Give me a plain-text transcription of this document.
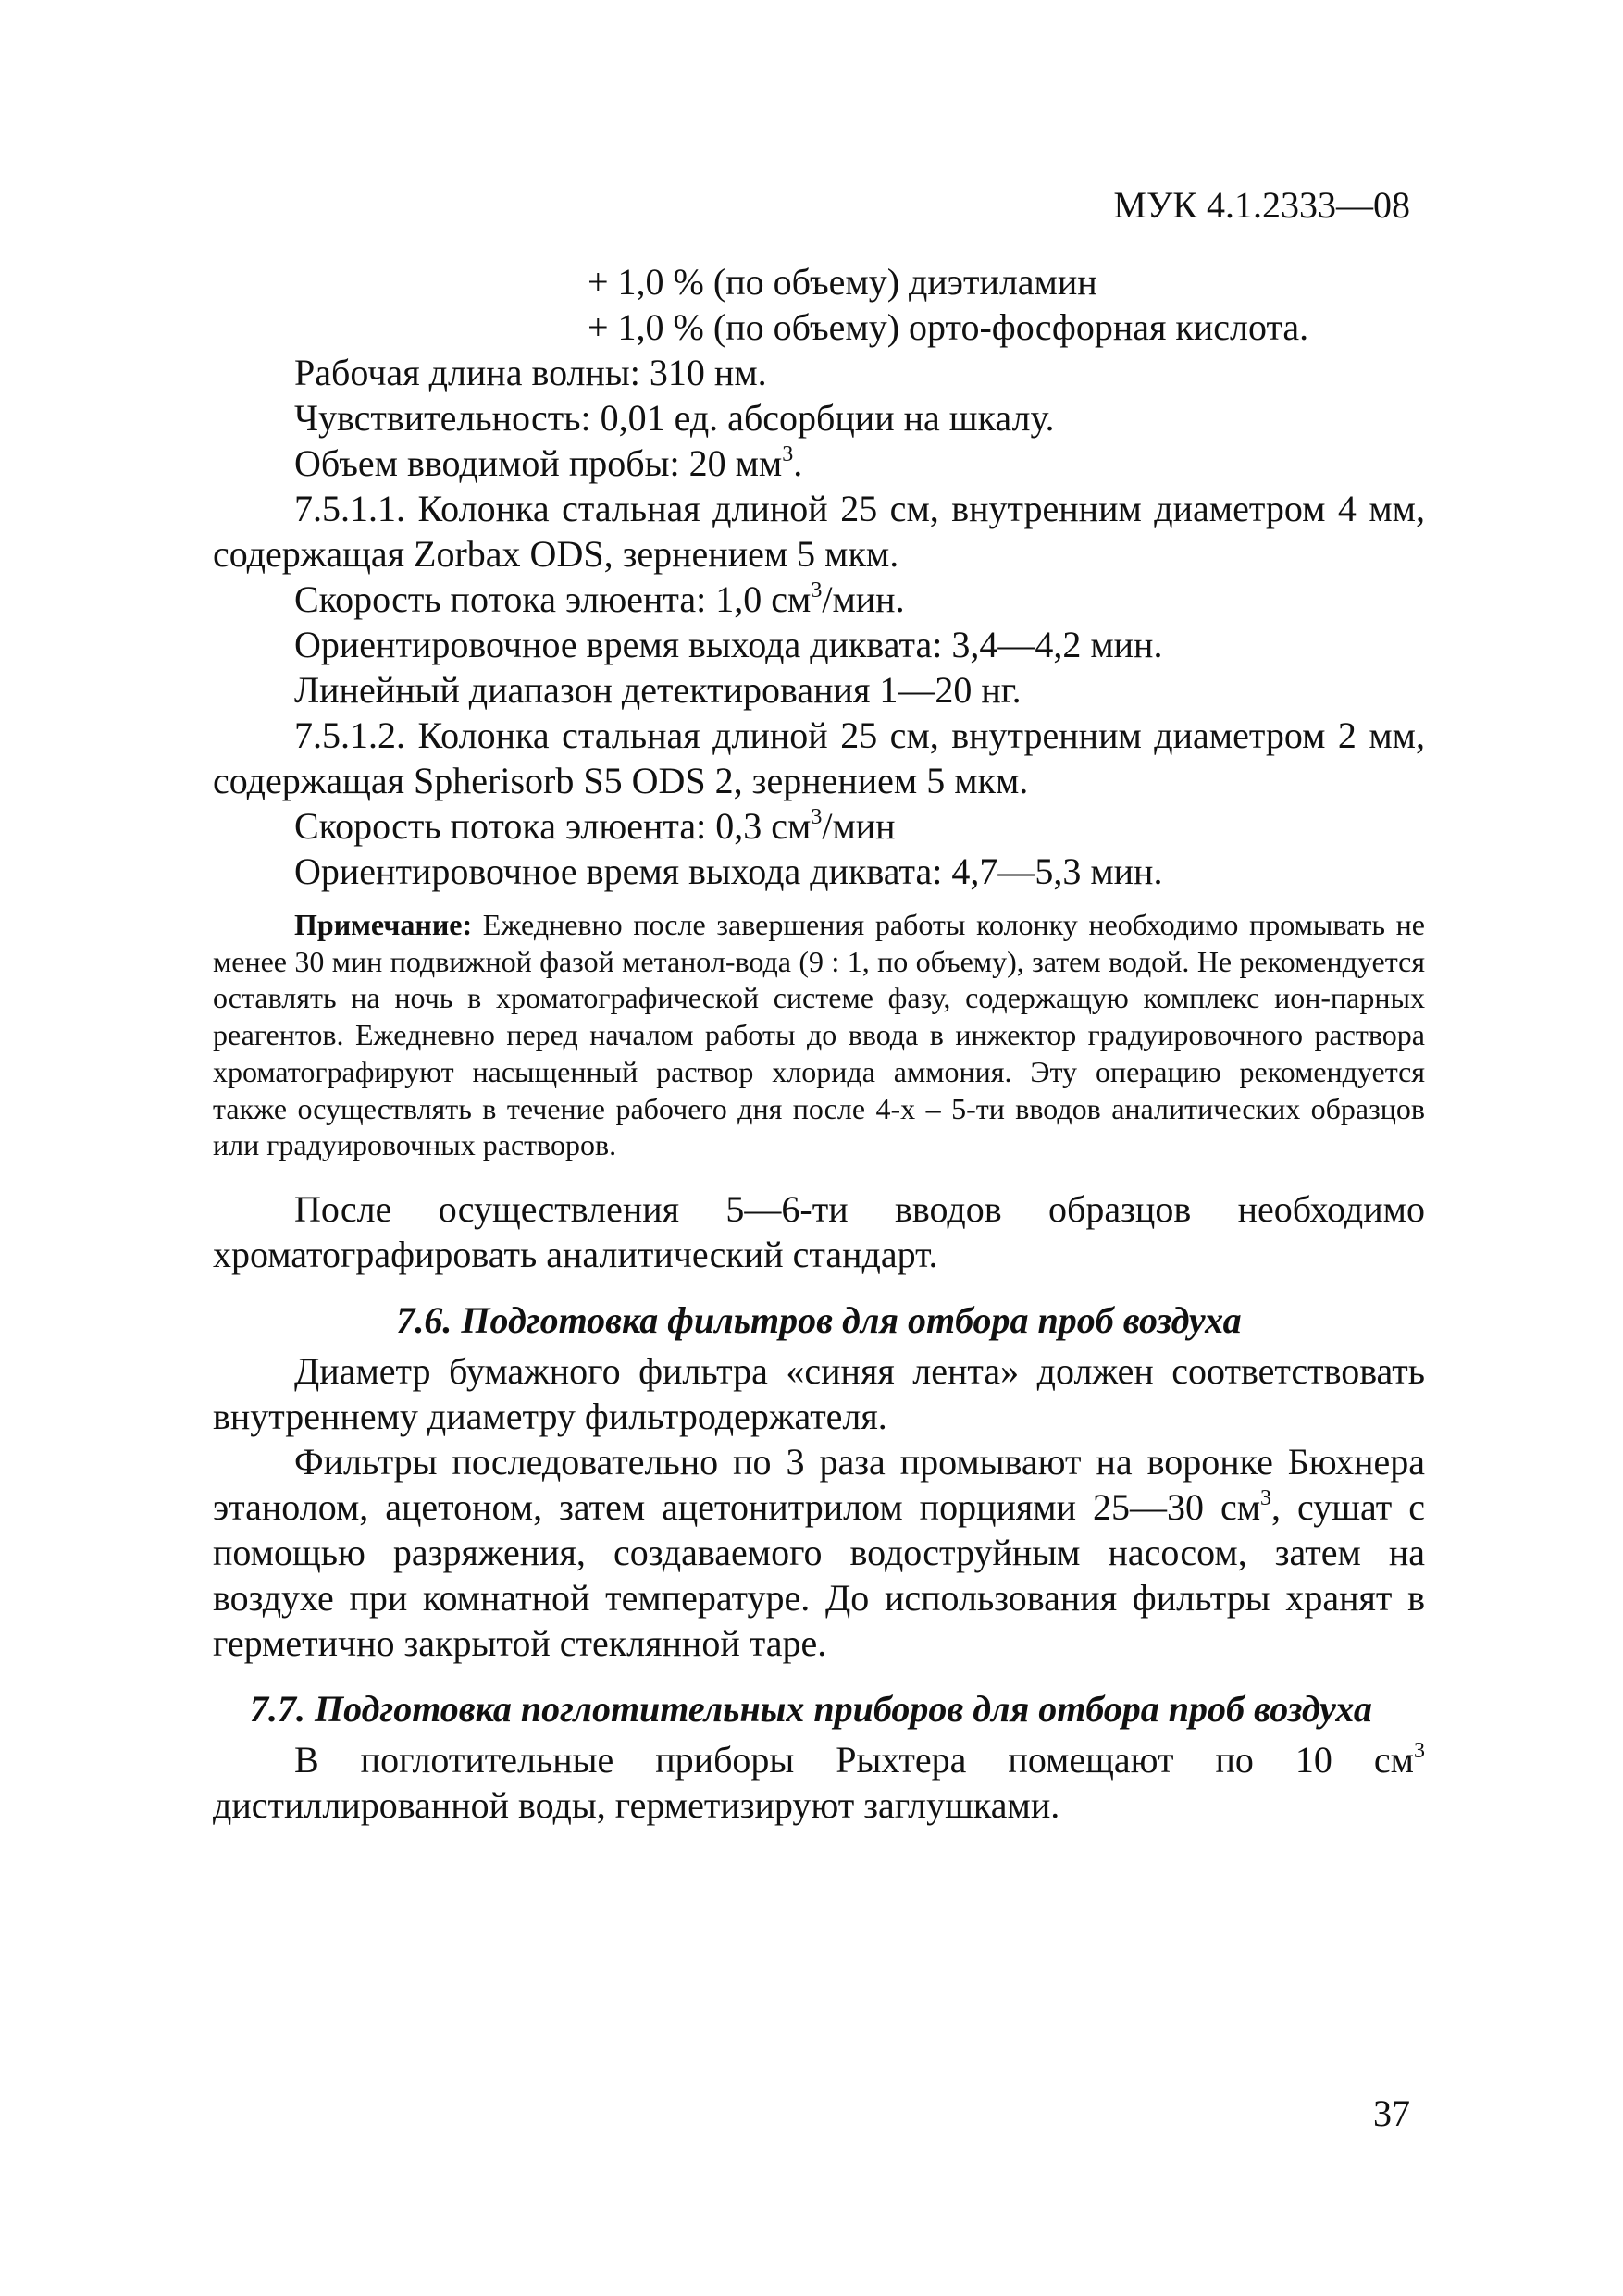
МУК 4.1.2333—08

+ 1,0 % (по объему) диэтиламин

+ 1,0 % (по объему) орто-фосфорная кислота.

Рабочая длина волны: 310 нм.

Чувствительность: 0,01 ед. абсорбции на шкалу.

Объем вводимой пробы: 20 $мм^3$.

7.5.1.1. Колонка стальная длиной 25 см, внутренним диаметром 4 мм, содержащая Zorbax ODS, зернением 5 мкм.

Скорость потока элюента: 1,0 $см^3$/мин.

Ориентировочное время выхода диквата: 3,4—4,2 мин.

Линейный диапазон детектирования 1—20 нг.

7.5.1.2. Колонка стальная длиной 25 см, внутренним диаметром 2 мм, содержащая Spherisorb S5 ODS 2, зернением 5 мкм.

Скорость потока элюента: 0,3 $см^3$/мин

Ориентировочное время выхода диквата: 4,7—5,3 мин.

Примечание: Ежедневно после завершения работы колонку необходимо промывать не менее 30 мин подвижной фазой метанол-вода (9 : 1, по объему), затем водой. Не рекомендуется оставлять на ночь в хроматографической системе фазу, содержащую комплекс ион-парных реагентов. Ежедневно перед началом работы до ввода в инжектор градуировочного раствора хроматографируют насыщенный раствор хлорида аммония. Эту операцию рекомендуется также осуществлять в течение рабочего дня после 4-х – 5-ти вводов аналитических образцов или градуировочных растворов.

После осуществления 5—6-ти вводов образцов необходимо хроматографировать аналитический стандарт.

7.6. Подготовка фильтров для отбора проб воздуха

Диаметр бумажного фильтра «синяя лента» должен соответствовать внутреннему диаметру фильтродержателя.

Фильтры последовательно по 3 раза промывают на воронке Бюхнера этанолом, ацетоном, затем ацетонитрилом порциями 25—30 $см^3$, сушат с помощью разряжения, создаваемого водоструйным насосом, затем на воздухе при комнатной температуре. До использования фильтры хранят в герметично закрытой стеклянной таре.

7.7. Подготовка поглотительных приборов для отбора проб воздуха

В поглотительные приборы Рыхтера помещают по 10 $см^3$ дистиллированной воды, герметизируют заглушками.

37
